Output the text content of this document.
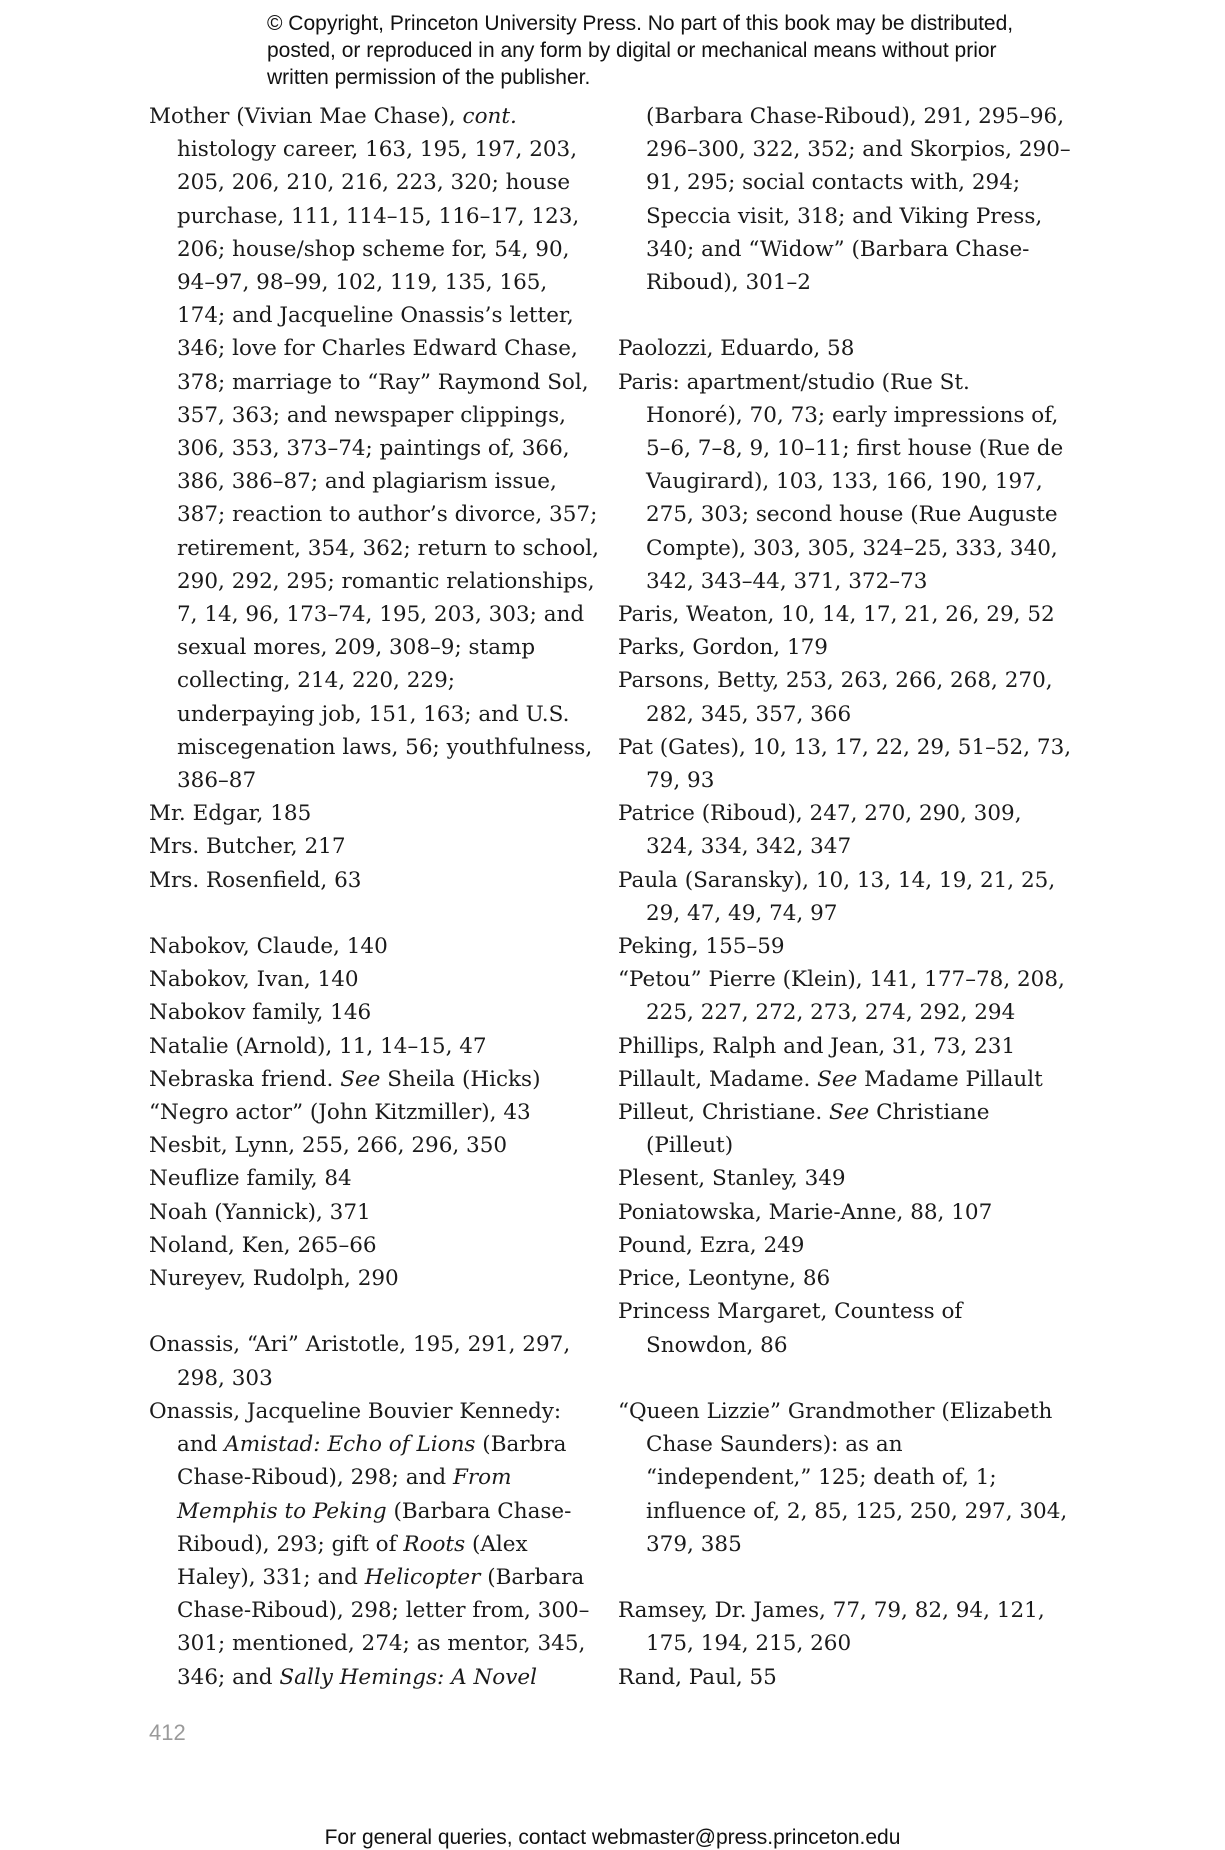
© Copyright, Princeton University Press. No part of this book may be distributed, posted, or reproduced in any form by digital or mechanical means without prior written permission of the publisher.

Mother (Vivian Mae Chase), cont.

histology career, 163, 195, 197, 203, 205, 206, 210, 216, 223, 320; house purchase, 111, 114–15, 116–17, 123, 206; house/shop scheme for, 54, 90, 94–97, 98–99, 102, 119, 135, 165, 174; and Jacqueline Onassis’s letter, 346; love for Charles Edward Chase, 378; marriage to “Ray” Raymond Sol, 357, 363; and newspaper clippings, 306, 353, 373–74; paintings of, 366, 386, 386–87; and plagiarism issue, 387; reaction to author’s divorce, 357; retirement, 354, 362; return to school, 290, 292, 295; romantic relationships, 7, 14, 96, 173–74, 195, 203, 303; and sexual mores, 209, 308–9; stamp collecting, 214, 220, 229; underpaying job, 151, 163; and U.S. miscegenation laws, 56; youthfulness, 386–87

Mr. Edgar, 185

Mrs. Butcher, 217

Mrs. Rosenfield, 63

Nabokov, Claude, 140

Nabokov, Ivan, 140

Nabokov family, 146

Natalie (Arnold), 11, 14–15, 47

Nebraska friend. See Sheila (Hicks)

“Negro actor” (John Kitzmiller), 43

Nesbit, Lynn, 255, 266, 296, 350

Neuflize family, 84

Noah (Yannick), 371

Noland, Ken, 265–66

Nureyev, Rudolph, 290

Onassis, “Ari” Aristotle, 195, 291, 297, 298, 303

Onassis, Jacqueline Bouvier Kennedy: and Amistad: Echo of Lions (Barbra Chase-Riboud), 298; and From Memphis to Peking (Barbara Chase-Riboud), 293; gift of Roots (Alex Haley), 331; and Helicopter (Barbara Chase-Riboud), 298; letter from, 300–301; mentioned, 274; as mentor, 345, 346; and Sally Hemings: A Novel

(Barbara Chase-Riboud), 291, 295–96, 296–300, 322, 352; and Skorpios, 290–91, 295; social contacts with, 294; Speccia visit, 318; and Viking Press, 340; and “Widow” (Barbara Chase-Riboud), 301–2

Paolozzi, Eduardo, 58

Paris: apartment/studio (Rue St. Honoré), 70, 73; early impressions of, 5–6, 7–8, 9, 10–11; first house (Rue de Vaugirard), 103, 133, 166, 190, 197, 275, 303; second house (Rue Auguste Compte), 303, 305, 324–25, 333, 340, 342, 343–44, 371, 372–73

Paris, Weaton, 10, 14, 17, 21, 26, 29, 52

Parks, Gordon, 179

Parsons, Betty, 253, 263, 266, 268, 270, 282, 345, 357, 366

Pat (Gates), 10, 13, 17, 22, 29, 51–52, 73, 79, 93

Patrice (Riboud), 247, 270, 290, 309, 324, 334, 342, 347

Paula (Saransky), 10, 13, 14, 19, 21, 25, 29, 47, 49, 74, 97

Peking, 155–59

“Petou” Pierre (Klein), 141, 177–78, 208, 225, 227, 272, 273, 274, 292, 294

Phillips, Ralph and Jean, 31, 73, 231

Pillault, Madame. See Madame Pillault

Pilleut, Christiane. See Christiane (Pilleut)

Plesent, Stanley, 349

Poniatowska, Marie-Anne, 88, 107

Pound, Ezra, 249

Price, Leontyne, 86

Princess Margaret, Countess of Snowdon, 86

“Queen Lizzie” Grandmother (Elizabeth Chase Saunders): as an “independent,” 125; death of, 1; influence of, 2, 85, 125, 250, 297, 304, 379, 385

Ramsey, Dr. James, 77, 79, 82, 94, 121, 175, 194, 215, 260

Rand, Paul, 55

412
For general queries, contact webmaster@press.princeton.edu
